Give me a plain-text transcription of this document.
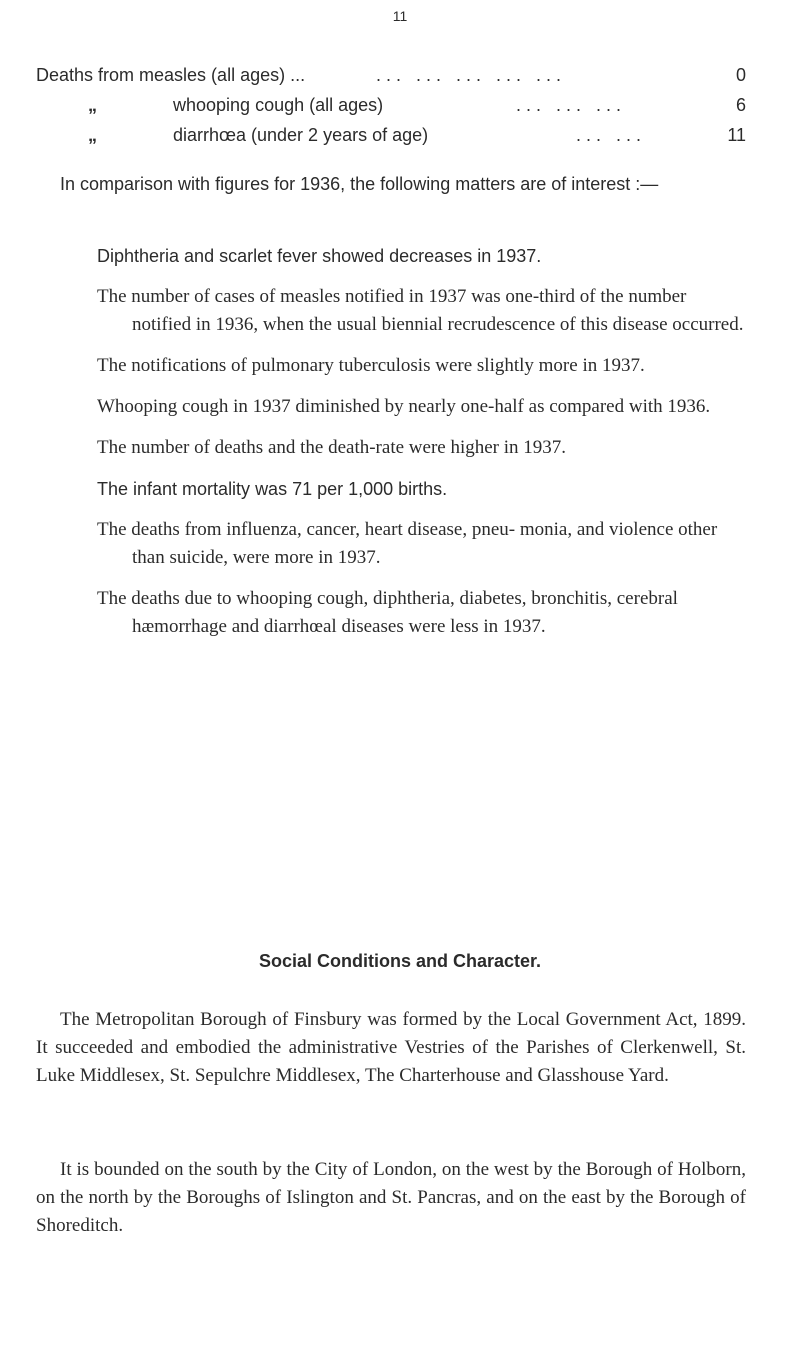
11
Deaths from measles (all ages) ...	... ... ... ... ...	0
„	whooping cough (all ages)	... ... ...	6
„	diarrhœa (under 2 years of age)	... ...	11

In comparison with figures for 1936, the following matters are of interest :—

Diphtheria and scarlet fever showed decreases in 1937.
The number of cases of measles notified in 1937 was one-third of the number notified in 1936, when the usual biennial recrudescence of this disease occurred.
The notifications of pulmonary tuberculosis were slightly more in 1937.
Whooping cough in 1937 diminished by nearly one-half as compared with 1936.
The number of deaths and the death-rate were higher in 1937.
The infant mortality was 71 per 1,000 births.
The deaths from influenza, cancer, heart disease, pneu- monia, and violence other than suicide, were more in 1937.
The deaths due to whooping cough, diphtheria, diabetes, bronchitis, cerebral hæmorrhage and diarrhœal diseases were less in 1937.
Social Conditions and Character.

The Metropolitan Borough of Finsbury was formed by the Local Government Act, 1899. It succeeded and embodied the administrative Vestries of the Parishes of Clerkenwell, St. Luke Middlesex, St. Sepulchre Middlesex, The Charterhouse and Glasshouse Yard.

It is bounded on the south by the City of London, on the west by the Borough of Holborn, on the north by the Boroughs of Islington and St. Pancras, and on the east by the Borough of Shoreditch.
